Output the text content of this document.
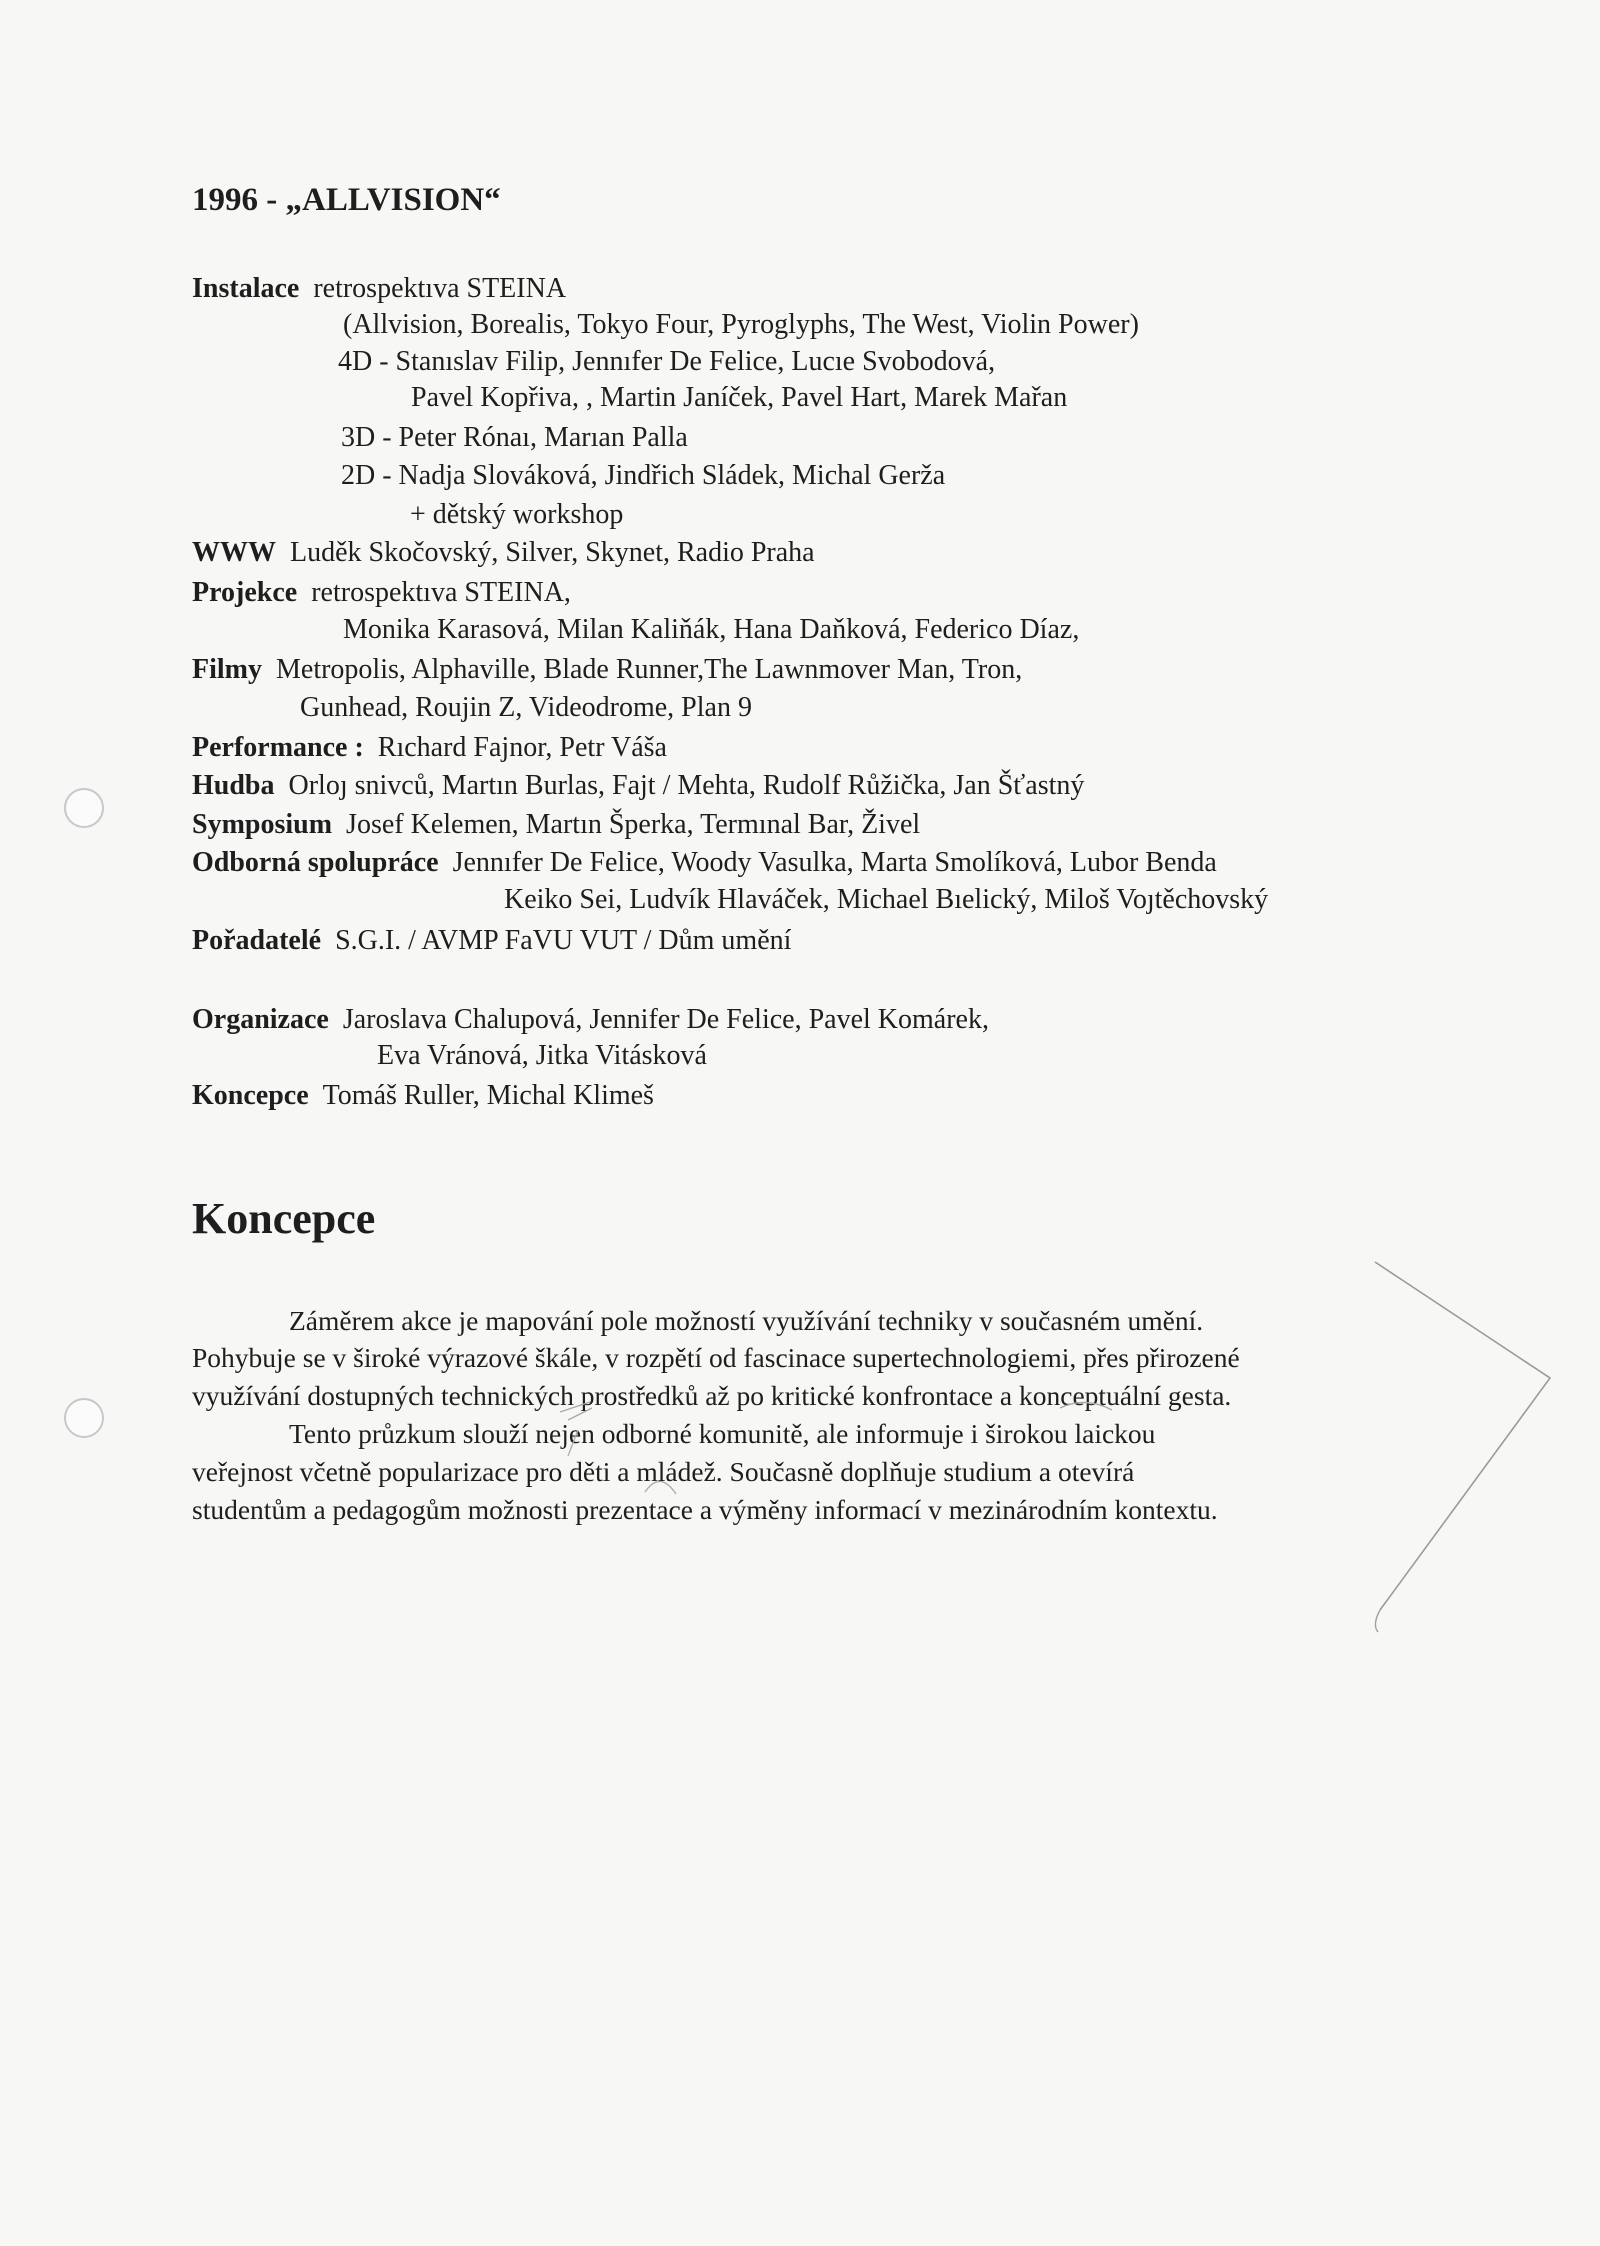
1996 - „ALLVISION“
Instalace retrospektıva STEINA
(Allvision, Borealis, Tokyo Four, Pyroglyphs, The West, Violin Power)
4D - Stanıslav Filip, Jennıfer De Felice, Lucıe Svobodová,
Pavel Kopřiva, , Martin Janíček, Pavel Hart, Marek Mařan
3D - Peter Rónaı, Marıan Palla
2D - Nadja Slováková, Jindřich Sládek, Michal Gerža
+ dětský workshop
WWW Luděk Skočovský, Silver, Skynet, Radio Praha
Projekce retrospektıva STEINA,
Monika Karasová, Milan Kaliňák, Hana Daňková, Federico Díaz,
Filmy Metropolis, Alphaville, Blade Runner,The Lawnmover Man, Tron,
Gunhead, Roujin Z, Videodrome, Plan 9
Performance : Rıchard Fajnor, Petr Váša
Hudba Orloȷ snivců, Martın Burlas, Fajt / Mehta, Rudolf Růžička, Jan Šťastný
Symposium Josef Kelemen, Martın Šperka, Termınal Bar, Živel
Odborná spolupráce Jennıfer De Felice, Woody Vasulka, Marta Smolíková, Lubor Benda
Keiko Sei, Ludvík Hlaváček, Michael Bıelický, Miloš Voȷtěchovský
Pořadatelé S.G.I. / AVMP FaVU VUT / Dům umění
Organizace Jaroslava Chalupová, Jennifer De Felice, Pavel Komárek,
Eva Vránová, Jitka Vitásková
Koncepce Tomáš Ruller, Michal Klimeš
Koncepce
Záměrem akce je mapování pole možností využívání techniky v současném umění.
Pohybuje se v široké výrazové škále, v rozpětí od fascinace supertechnologiemi, přes přirozené
využívání dostupných technických prostředků až po kritické konfrontace a konceptuální gesta.
Tento průzkum slouží nejen odborné komunitě, ale informuje i širokou laickou
veřejnost včetně popularizace pro děti a mládež. Současně doplňuje studium a otevírá
studentům a pedagogům možnosti prezentace a výměny informací v mezinárodním kontextu.
